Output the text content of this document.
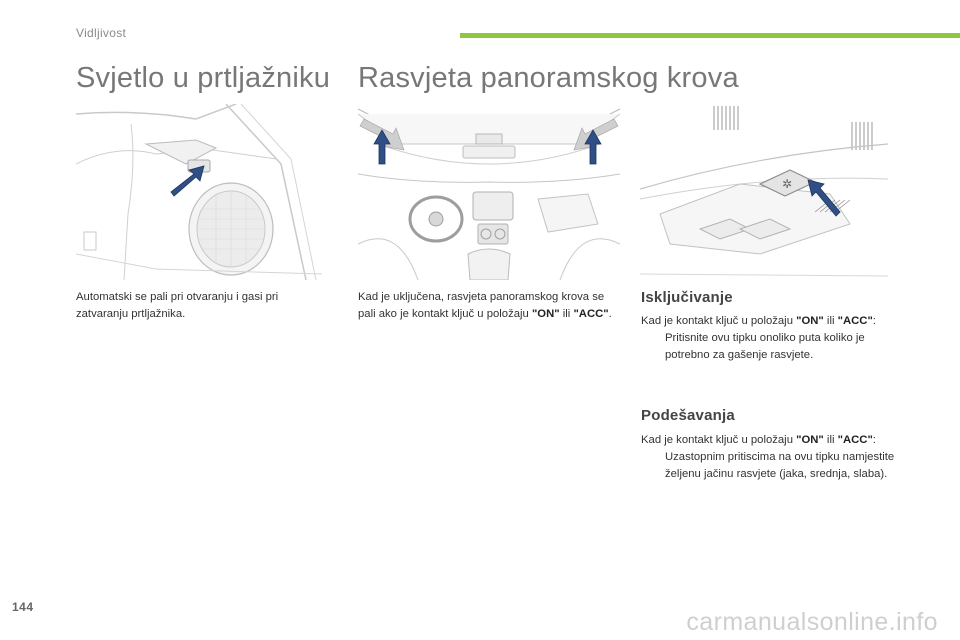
Vidljivost
Svjetlo u prtljažniku Rasvjeta panoramskog krova
✲
Automatski se pali pri otvaranju i gasi pri zatvaranju prtljažnika.
Kad je uključena, rasvjeta panoramskog krova se pali ako je kontakt ključ u položaju "ON" ili "ACC".
Isključivanje
Kad je kontakt ključ u položaju "ON" ili "ACC":
Pritisnite ovu tipku onoliko puta koliko je potrebno za gašenje rasvjete.
Podešavanja
Kad je kontakt ključ u položaju "ON" ili "ACC":
Uzastopnim pritiscima na ovu tipku namjestite željenu jačinu rasvjete (jaka, srednja, slaba).
144
carmanualsonline.info
